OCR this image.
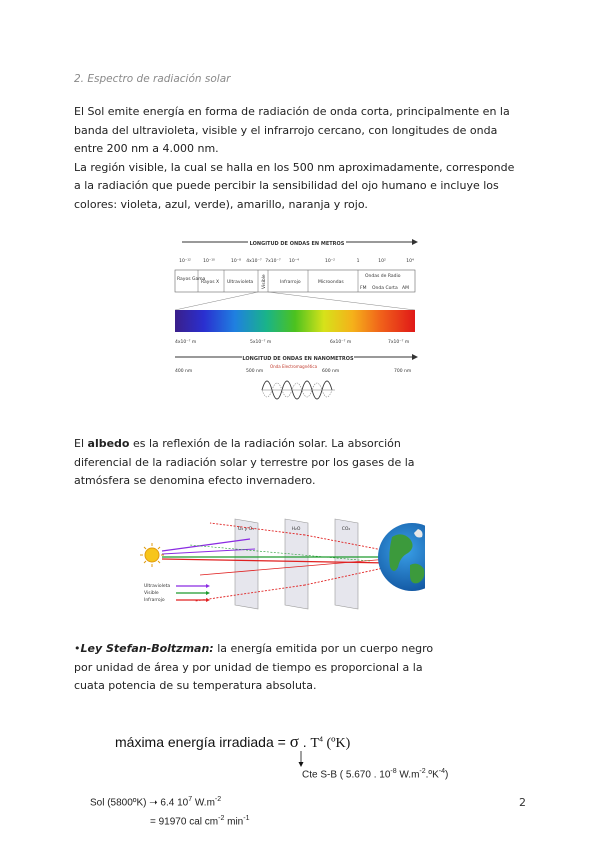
2. Espectro de radiación solar

El Sol emite energía en forma de radiación de onda corta, principalmente en la banda del ultravioleta, visible y el infrarrojo cercano, con longitudes de onda entre 200 nm a 4.000 nm.

La región visible, la cual se halla en los 500 nm aproximadamente, corresponde a la radiación que puede percibir la sensibilidad del ojo humano e incluye los colores: violeta, azul, verde), amarillo, naranja y rojo.

LONGITUD DE ONDAS EN METROS
10⁻¹²	10⁻¹⁰	10⁻⁸ 4x10⁻⁷ 7x10⁻⁷ 10⁻⁴	10⁻²	1	10²	10⁴
Rayos Gama
Rayos X Ultravioleta Visible	Infrarrojo	Microondas
Ondas de Radio
FM Onda Corta AM
4x10⁻⁷ m	5x10⁻⁷ m	6x10⁻⁷ m	7x10⁻⁷ m
LONGITUD DE ONDAS EN NANOMETROS
400 nm	500 nm	600 nm	700 nm
Onda Electromagnética
El albedo es la reflexión de la radiación solar. La absorción diferencial de la radiación solar y terrestre por los gases de la atmósfera se denomina efecto invernadero.
O₂ y O₃	H₂O	CO₂
Ultravioleta
Visible
Infrarrojo
•Ley Stefan-Boltzman: la energía emitida por un cuerpo negro por unidad de área y por unidad de tiempo es proporcional a la cuata potencia de su temperatura absoluta.
máxima energía irradiada = σ . $T^4$ (ºK)
Cte S-B ( 5.670 . $10^{-8}$ $W.m^{-2}.ºK^{-4}$)
Sol (5800ºK) ➝ 6.4 $10^7$ $W.m^{-2}$
= 91970 cal $cm^{-2}$ $\min^{-1}$
2
